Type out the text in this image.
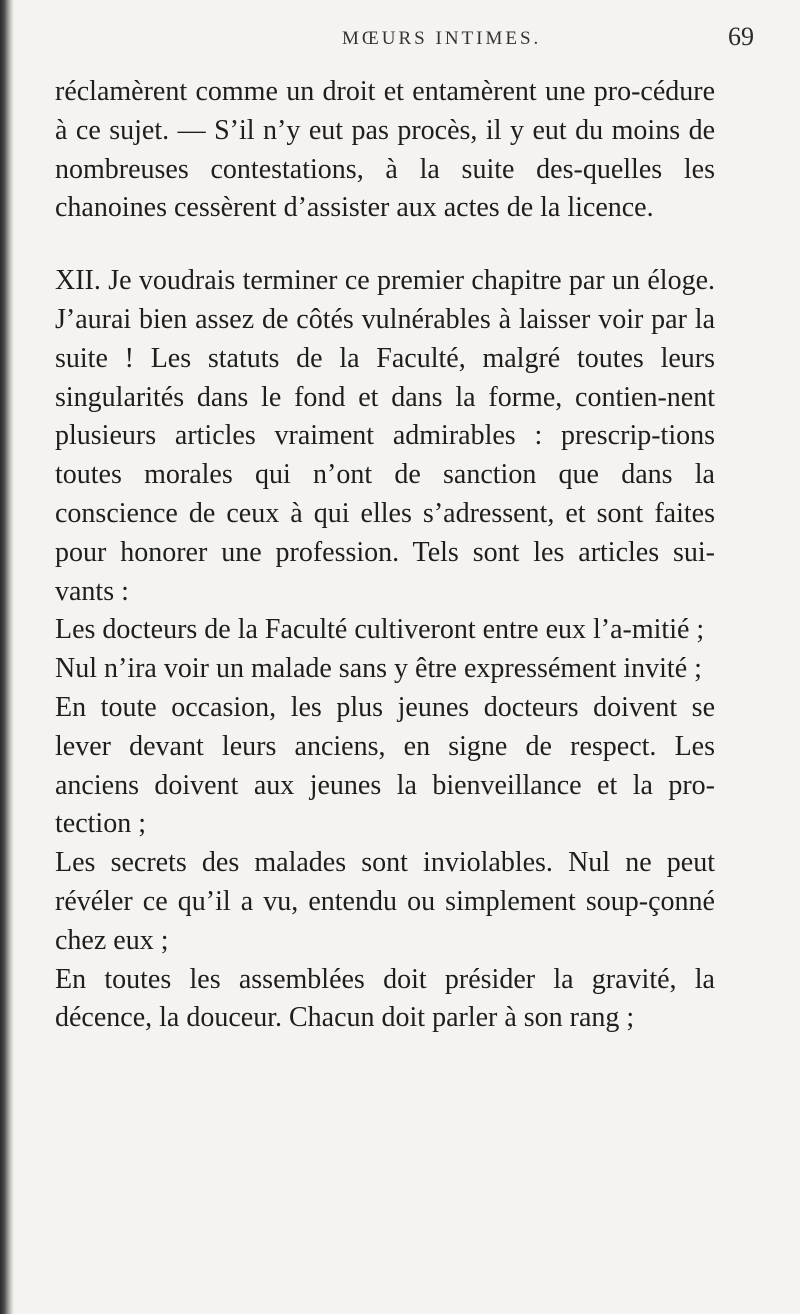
MŒURS INTIMES.	69

réclamèrent comme un droit et entamèrent une pro-cédure à ce sujet. — S’il n’y eut pas procès, il y eut du moins de nombreuses contestations, à la suite des-quelles les chanoines cessèrent d’assister aux actes de la licence.

XII. Je voudrais terminer ce premier chapitre par un éloge. J’aurai bien assez de côtés vulnérables à laisser voir par la suite ! Les statuts de la Faculté, malgré toutes leurs singularités dans le fond et dans la forme, contien-nent plusieurs articles vraiment admirables : prescrip-tions toutes morales qui n’ont de sanction que dans la conscience de ceux à qui elles s’adressent, et sont faites pour honorer une profession. Tels sont les articles sui-vants :

Les docteurs de la Faculté cultiveront entre eux l’a-mitié ;

Nul n’ira voir un malade sans y être expressément invité ;

En toute occasion, les plus jeunes docteurs doivent se lever devant leurs anciens, en signe de respect. Les anciens doivent aux jeunes la bienveillance et la pro-tection ;

Les secrets des malades sont inviolables. Nul ne peut révéler ce qu’il a vu, entendu ou simplement soup-çonné chez eux ;

En toutes les assemblées doit présider la gravité, la décence, la douceur. Chacun doit parler à son rang ;
